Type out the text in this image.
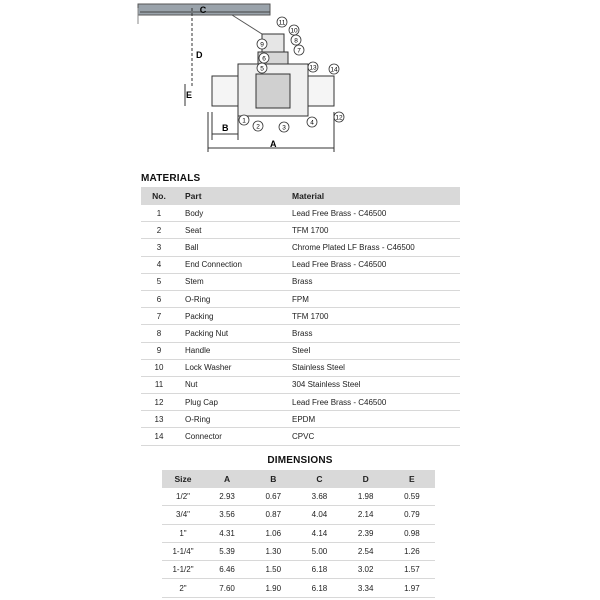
C
D
E
B
A
1
2	3
4
5
6
7
8
9
10
11
12
13 14
MATERIALS
No.	Part	Material
1	Body	Lead Free Brass - C46500
2	Seat	TFM 1700
3	Ball	Chrome Plated LF Brass - C46500
4	End Connection	Lead Free Brass - C46500
5	Stem	Brass
6	O-Ring	FPM
7	Packing	TFM 1700
8	Packing Nut	Brass
9	Handle	Steel
10	Lock Washer	Stainless Steel
11	Nut	304 Stainless Steel
12	Plug Cap	Lead Free Brass - C46500
13	O-Ring	EPDM
14	Connector	CPVC
DIMENSIONS
Size	A	B	C	D	E
1/2"	2.93	0.67	3.68	1.98	0.59
3/4"	3.56	0.87	4.04	2.14	0.79
1"	4.31	1.06	4.14	2.39	0.98
1-1/4"	5.39	1.30	5.00	2.54	1.26
1-1/2"	6.46	1.50	6.18	3.02	1.57
2"	7.60	1.90	6.18	3.34	1.97
